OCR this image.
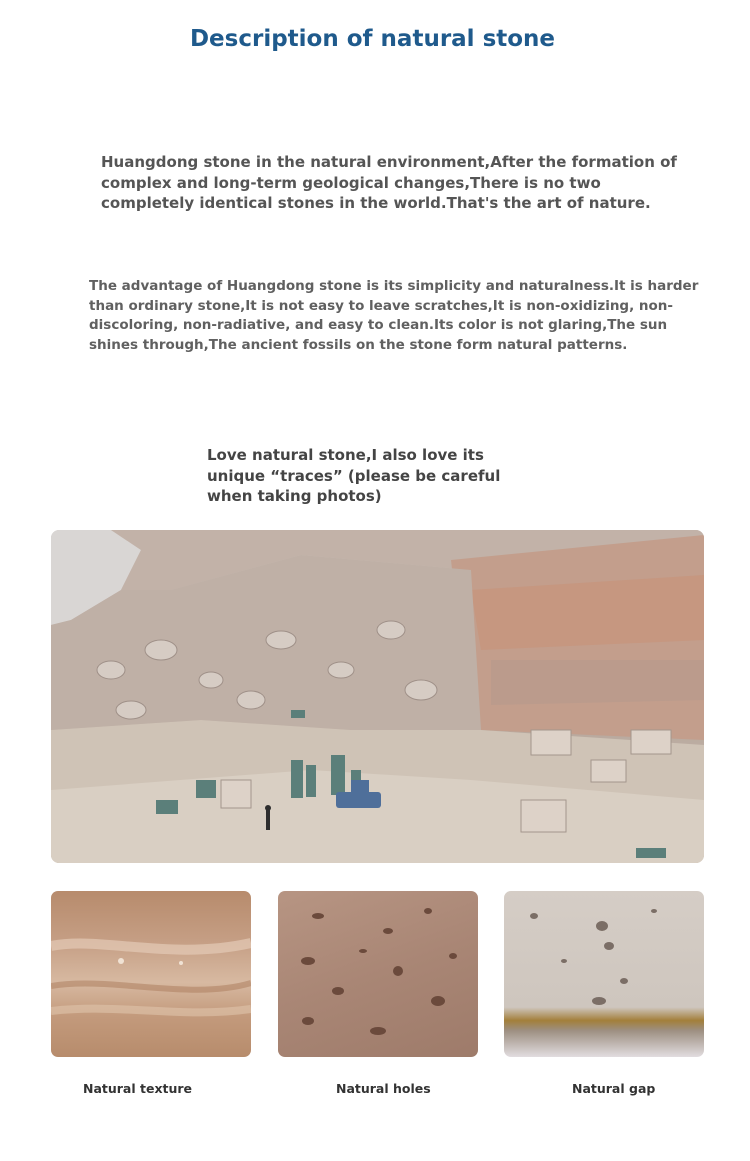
Description of natural stone

Huangdong stone in the natural environment,After the formation of complex and long-term geological changes,There is no two completely identical stones in the world.That's the art of nature.

The advantage of Huangdong stone is its simplicity and naturalness.It is harder than ordinary stone,It is not easy to leave scratches,It is non-oxidizing, non-discoloring, non-radiative, and easy to clean.Its color is not glaring,The sun shines through,The ancient fossils on the stone form natural patterns.

Love natural stone,I also love its unique “traces” (please be careful when taking photos)

Natural texture	Natural holes	Natural gap
